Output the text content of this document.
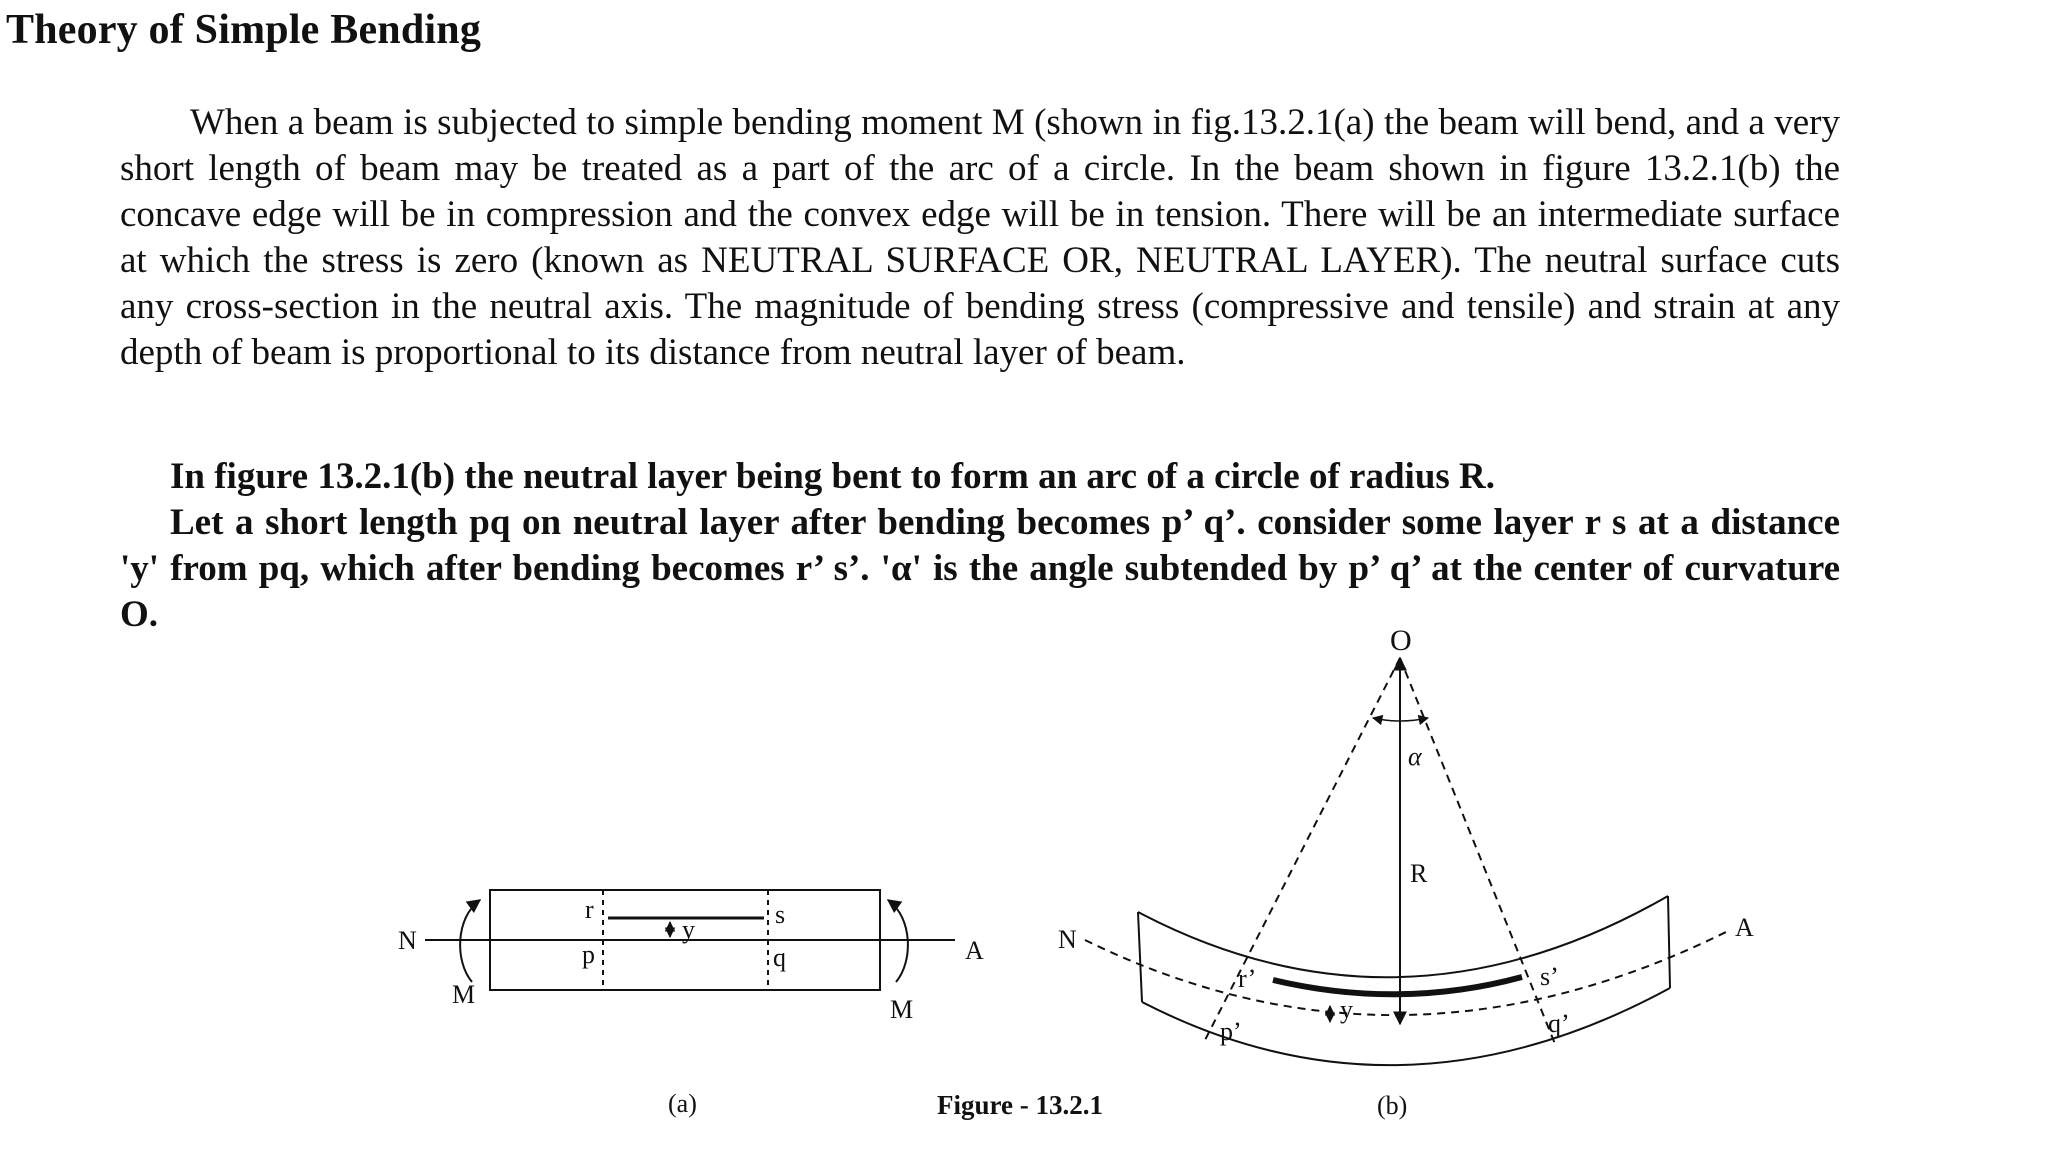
Theory of Simple Bending
When a beam is subjected to simple bending moment M (shown in fig.13.2.1(a) the beam will bend, and a very short length of beam may be treated as a part of the arc of a circle. In the beam shown in figure 13.2.1(b) the concave edge will be in compression and the convex edge will be in tension. There will be an intermediate surface at which the stress is zero (known as NEUTRAL SURFACE OR, NEUTRAL LAYER). The neutral surface cuts any cross-section in the neutral axis. The magnitude of bending stress (compressive and tensile) and strain at any depth of beam is proportional to its distance from neutral layer of beam.
In figure 13.2.1(b) the neutral layer being bent to form an arc of a circle of radius R.
Let a short length pq on neutral layer after bending becomes p’ q’. consider some layer r s at a distance 'y' from pq, which after bending becomes r’ s’. 'α' is the angle subtended by p’ q’ at the center of curvature O.
N	A
M
M
r
p
s
q
y
(a)
O
α
R
N	A
r’
p’
s’
q’
y
(b)
Figure - 13.2.1
